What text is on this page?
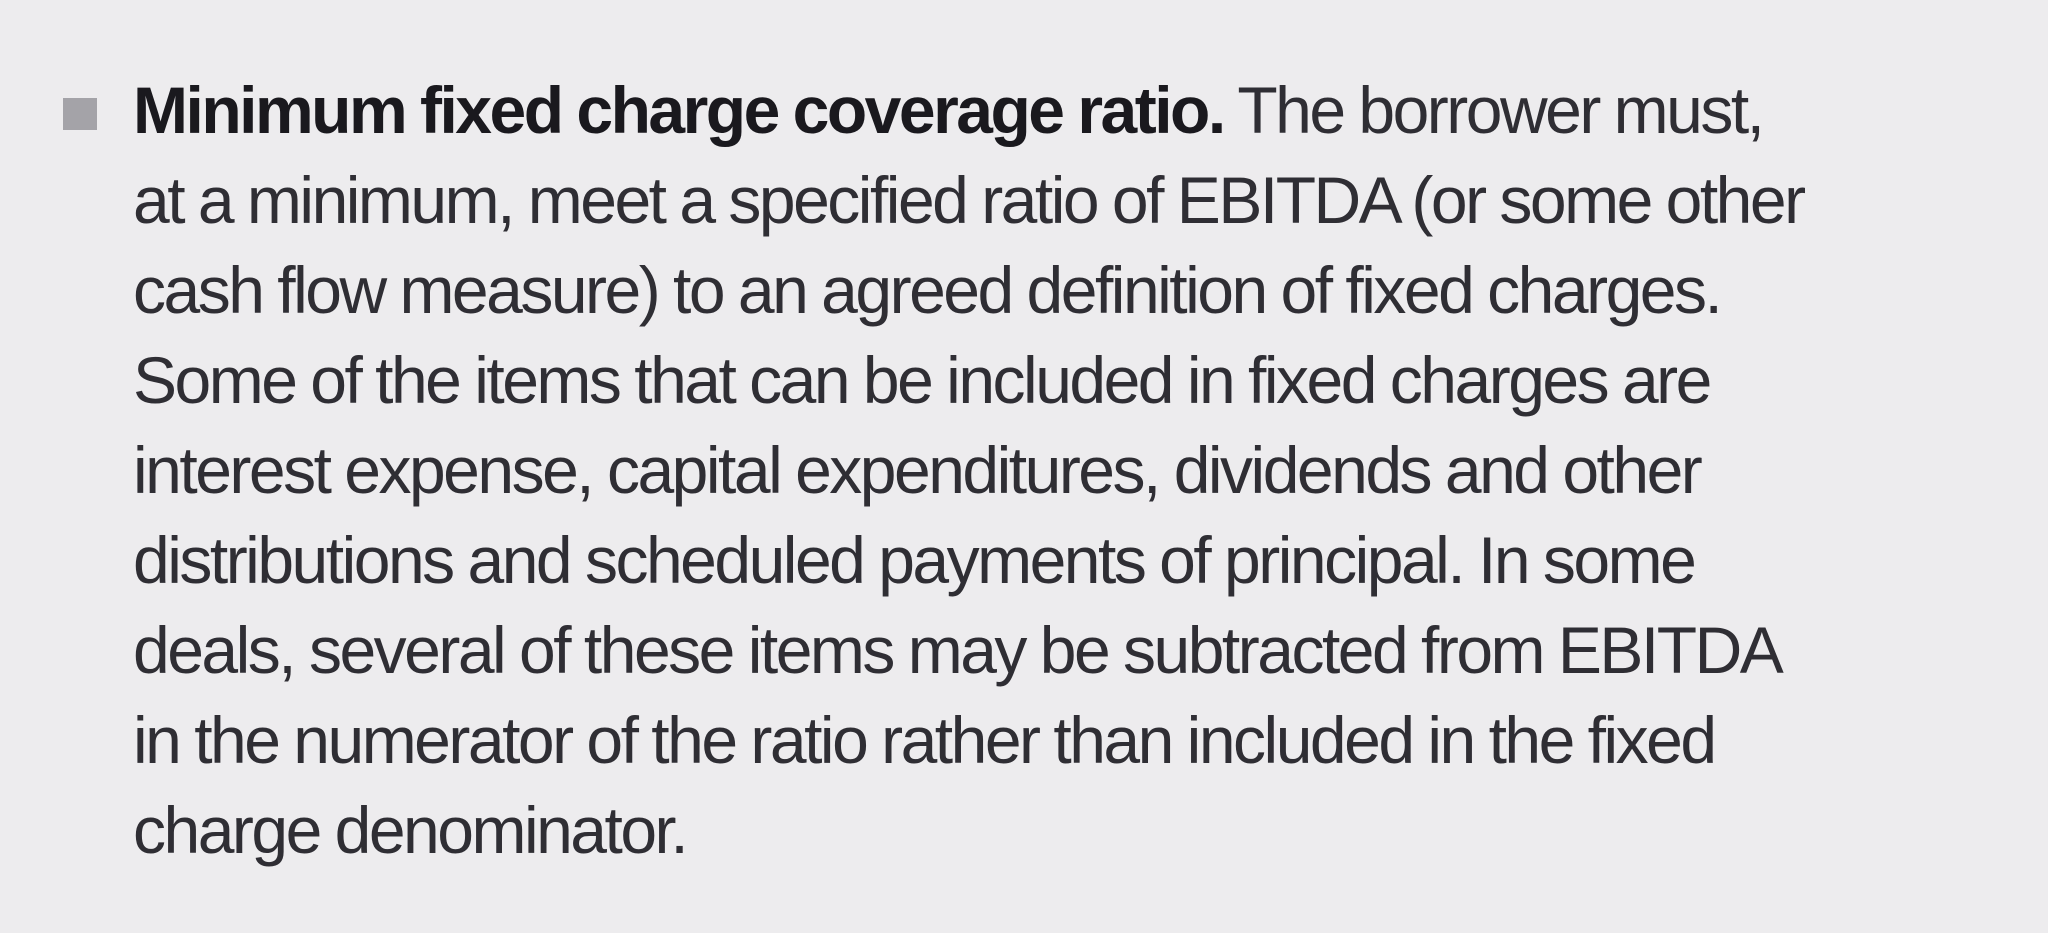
Minimum fixed charge coverage ratio. The borrower must,
at a minimum, meet a specified ratio of EBITDA (or some other
cash flow measure) to an agreed definition of fixed charges.
Some of the items that can be included in fixed charges are
interest expense, capital expenditures, dividends and other
distributions and scheduled payments of principal. In some
deals, several of these items may be subtracted from EBITDA
in the numerator of the ratio rather than included in the fixed
charge denominator.
